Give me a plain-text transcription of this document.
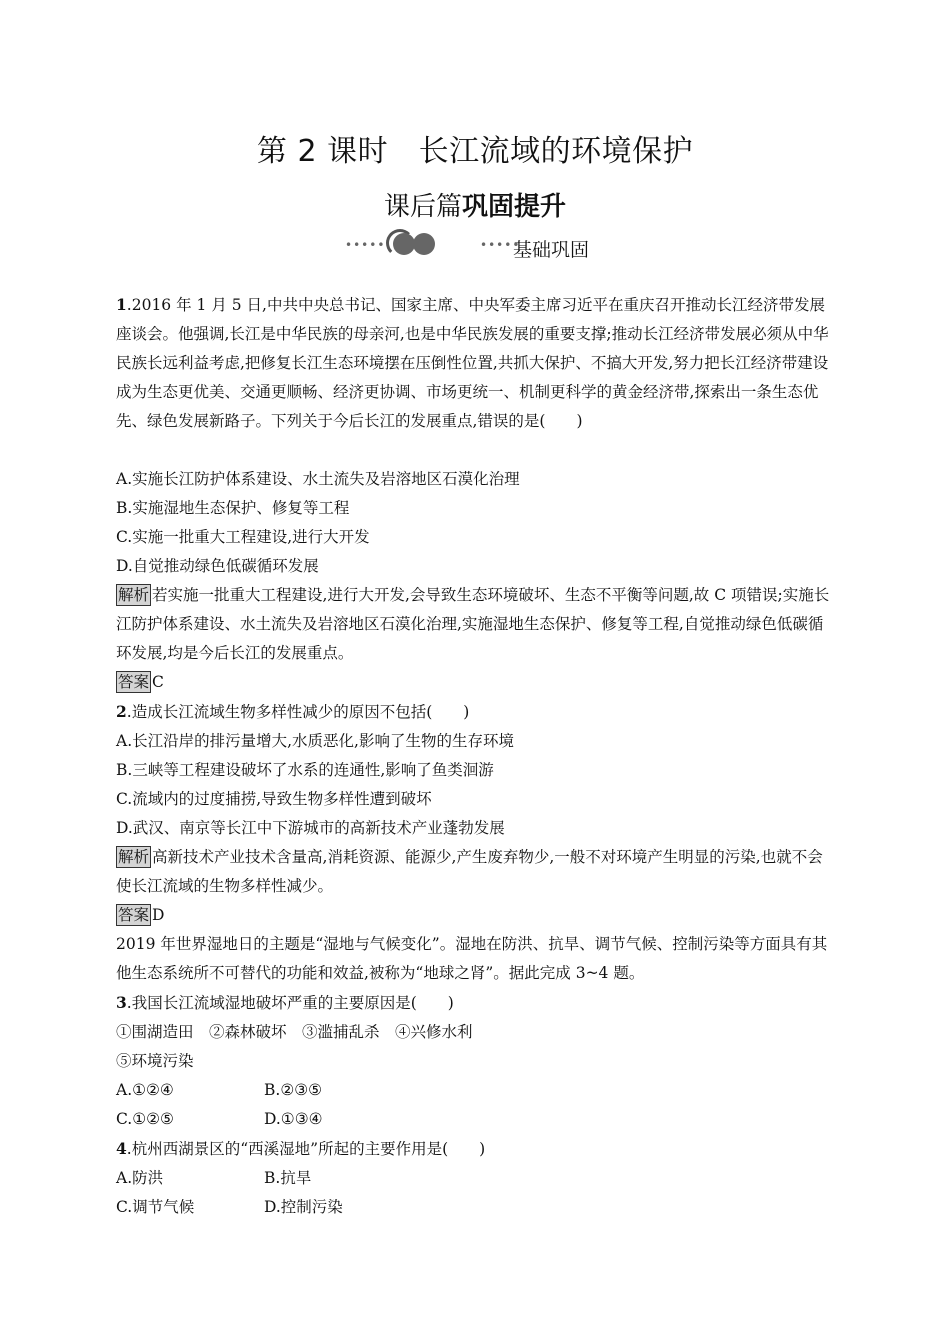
第 2 课时　长江流域的环境保护
课后篇巩固提升
•••••	•••••
基础巩固

1.2016 年 1 月 5 日,中共中央总书记、国家主席、中央军委主席习近平在重庆召开推动长江经济带发展座谈会。他强调,长江是中华民族的母亲河,也是中华民族发展的重要支撑;推动长江经济带发展必须从中华民族长远利益考虑,把修复长江生态环境摆在压倒性位置,共抓大保护、不搞大开发,努力把长江经济带建设成为生态更优美、交通更顺畅、经济更协调、市场更统一、机制更科学的黄金经济带,探索出一条生态优先、绿色发展新路子。下列关于今后长江的发展重点,错误的是(　　)

A.实施长江防护体系建设、水土流失及岩溶地区石漠化治理

B.实施湿地生态保护、修复等工程

C.实施一批重大工程建设,进行大开发

D.自觉推动绿色低碳循环发展

解析 若实施一批重大工程建设,进行大开发,会导致生态环境破坏、生态不平衡等问题,故 C 项错误;实施长江防护体系建设、水土流失及岩溶地区石漠化治理,实施湿地生态保护、修复等工程,自觉推动绿色低碳循环发展,均是今后长江的发展重点。

答案 C

2.造成长江流域生物多样性减少的原因不包括(　　)

A.长江沿岸的排污量增大,水质恶化,影响了生物的生存环境

B.三峡等工程建设破坏了水系的连通性,影响了鱼类洄游

C.流域内的过度捕捞,导致生物多样性遭到破坏

D.武汉、南京等长江中下游城市的高新技术产业蓬勃发展

解析 高新技术产业技术含量高,消耗资源、能源少,产生废弃物少,一般不对环境产生明显的污染,也就不会使长江流域的生物多样性减少。

答案 D

2019 年世界湿地日的主题是“湿地与气候变化”。湿地在防洪、抗旱、调节气候、控制污染等方面具有其他生态系统所不可替代的功能和效益,被称为“地球之肾”。据此完成 3~4 题。

3.我国长江流域湿地破坏严重的主要原因是(　　)

①围湖造田　②森林破坏　③滥捕乱杀　④兴修水利

⑤环境污染

A.①②④	B.②③⑤
C.①②⑤	D.①③④

4.杭州西湖景区的“西溪湿地”所起的主要作用是(　　)

A.防洪	B.抗旱
C.调节气候	D.控制污染
